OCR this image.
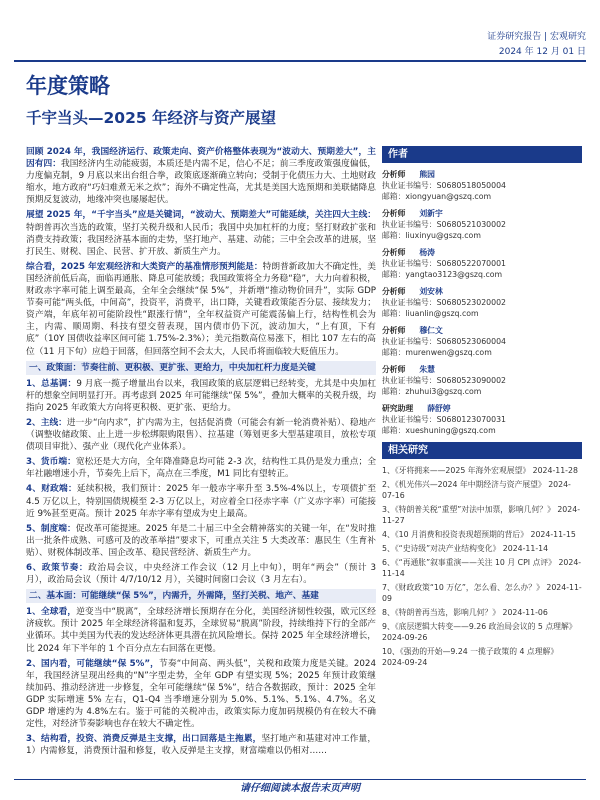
证券研究报告 | 宏观研究
2024 年 12 月 01 日
年度策略
千宇当头—2025 年经济与资产展望

回顾 2024 年，我国经济运行、政策走向、资产价格整体表现为“波动大、预期差大”，主因有四：我国经济内生动能疲弱，本质还是内需不足，信心不足；前三季度政策强度偏低，力度偏克制，9 月底以来出台组合拳，政策底逐渐确立转向；受制于化债压力大、土地财政缩水，地方政府“巧妇难煮无米之炊”；海外不确定性高，尤其是美国大选预期和美联储降息预期反复波动，地缘冲突也屡屡起伏。

展望 2025 年，“千宇当头”应是关键词，“波动大、预期差大”可能延续，关注四大主线：特朗普再次当选的政策，坚打关税升级和人民币；我国中央加杠杆的力度；坚打财政扩张和消费支持政策；我国经济基本面的走势，坚打地产、基建、动能；三中全会改革的进展，坚打民生、财税、国企、民营、扩开放、新质生产力。

综合看，2025 年宏观经济和大类资产的基准情形预判能是：特朗普新政加大不确定性，美国经济前低后高，面临再通胀、降息可能放缓；我国政策将全力务稳“稳”，大力向着积极，财政赤字率可能上调至最高，全年全会继续“保 5%”，并新增“推动物价回升”，实际 GDP 节奏可能“两头低，中间高”，投资平，消费平，出口降，关键看政策能否分层、接续发力；资产端，年底年初可能阶段性“跟涨行情”，全年权益资产可能震荡偏上行，结构性机会为主，内需、顺周期、科技有望交替表现，国内债市仍下沉，波动加大，“上有顶，下有底”（10Y 国债收益率区间可能 1.75%-2.3%）；美元指数高位易涨下，相比 107 左右的高位（11 月下旬）应趋于回落，但回落空间不会太大，人民币将面临较大贬值压力。

一、政策面：节奏往前、更积极、更扩张、更给力，中央加杠杆力度是关键

1、总基调：9 月底一揽子增量出台以来，我国政策的底层逻辑已经转变，尤其是中央加杠杆的想象空间明显打开。再考虑到 2025 年可能继续“保 5%”，叠加大概率的关税升级，均指向 2025 年政策大方向将更积极、更扩张、更给力。

2、主线：进一步“向内求”，扩内需为主，包括促消费（可能会有新一轮消费补贴）、稳地产（调整收储政策、止上进一步松绑限购限售）、拉基建（筹划更多大型基建项目，放松专项债项目审批）、强产业（现代化产业体系）。

3、货币端：宽松还是大方向，全年降准降息均可能 2-3 次，结构性工具仍是发力重点；全年社融增速小升，节奏先上后下，高点在三季度，M1 同比有望转正。

4、财政端：延续积极，我们预计：2025 年一般赤字率升至 3.5%-4%以上，专项债扩至 4.5 万亿以上，特别国债规模至 2-3 万亿以上，对应着全口径赤字率（广义赤字率）可能接近 9%甚至更高。预计 2025 年赤字率有望成为史上最高。

5、制度端：促改革可能提速。2025 年是二十届三中全会精神落实的关键一年，在“发时推出一批条件成熟、可感可及的改革举措”要求下，可重点关注 5 大类改革：惠民生（生育补贴）、财税体制改革、国企改革、稳民营经济、新质生产力。

6、政策节奏：政治局会议，中央经济工作会议（12 月上中旬），明年“两会”（预计 3 月），政治局会议（预计 4/7/10/12 月），关键时间窗口会议（3 月左右）。

二、基本面：可能继续“保 5%”，内需升，外需降，坚打关税、地产、基建

1、全球看，逆变当中“脱离”，全球经济增长预期存在分化，美国经济韧性较强，欧元区经济疲软。预计 2025 年全球经济将温和复苏，全球贸易“脱离”阶段，持续维持下行的全部产业循环。其中美国为代表的发达经济体更具潜在抗风险增长。保持 2025 年全球经济增长，比 2024 年下半年的 1 个百分点左右回落在更慢。

2、国内看，可能继续“保 5%”，节奏“中间高、两头低”，关税和政策力度是关键。2024 年，我国经济呈现出经典的“N”字型走势，全年 GDP 有望实现 5%；2025 年预计政策继续加码、推动经济进一步修复，全年可能继续“保 5%”，结合各数据政，预计：2025 全年 GDP 实际增速 5% 左右，Q1-Q4 当季增速分别为 5.0%、5.1%、5.1%、4.7%。名义 GDP 增速约为 4.8%左右。鉴于可能的关税冲击，政策实际力度加码规模仍有在较大不确定性，对经济节奏影响也存在较大不确定性。

3、结构看，投资、消费反弹是主支撑，出口回落是主拖累，坚打地产和基建对冲工作量，1）内需修复，消费预计温和修复，收入反弹是主支撑，财富端难以仍相对……

作者
分析师 熊园
执业证书编号：S0680518050004
邮箱：xiongyuan@gszq.com
分析师 刘新宇
执业证书编号：S0680521030002
邮箱：liuxinyu@gszq.com
分析师 杨涛
执业证书编号：S0680522070001
邮箱：yangtao3123@gszq.com
分析师 刘安林
执业证书编号：S0680523020002
邮箱：liuanlin@gszq.com
分析师 穆仁文
执业证书编号：S0680523060004
邮箱：murenwen@gszq.com
分析师 朱慧
执业证书编号：S0680523090002
邮箱：zhuhui3@gszq.com
研究助理 薛舒婷
执业证书编号：S0680123070031
邮箱：xueshuning@gszq.com
相关研究
1、《牙将拥来——2025 年海外宏观展望》 2024-11-28
2、《机光伟兴—2024 年中期经济与资产展望》 2024-07-16
3、《特朗普关税“重塑”对法中加票，影响几何？》 2024-11-27
4、《10 月消费和投资表现超预期的背后》 2024-11-15
5、《“史诗级”对决产业结构变化》 2024-11-14
6、《“再通胀”叙事重演——关注 10 月 CPI 点评》 2024-11-14
7、《财政政策“10 万亿”，怎么看、怎么办？》 2024-11-09
8、《特朗普再当选，影响几何？》 2024-11-06
9、《底层逻辑大转变——9.26 政治局会议的 5 点理解》 2024-09-26
10、《强劲的开始—9.24 一揽子政策的 4 点理解》 2024-09-24
请仔细阅读本报告末页声明
